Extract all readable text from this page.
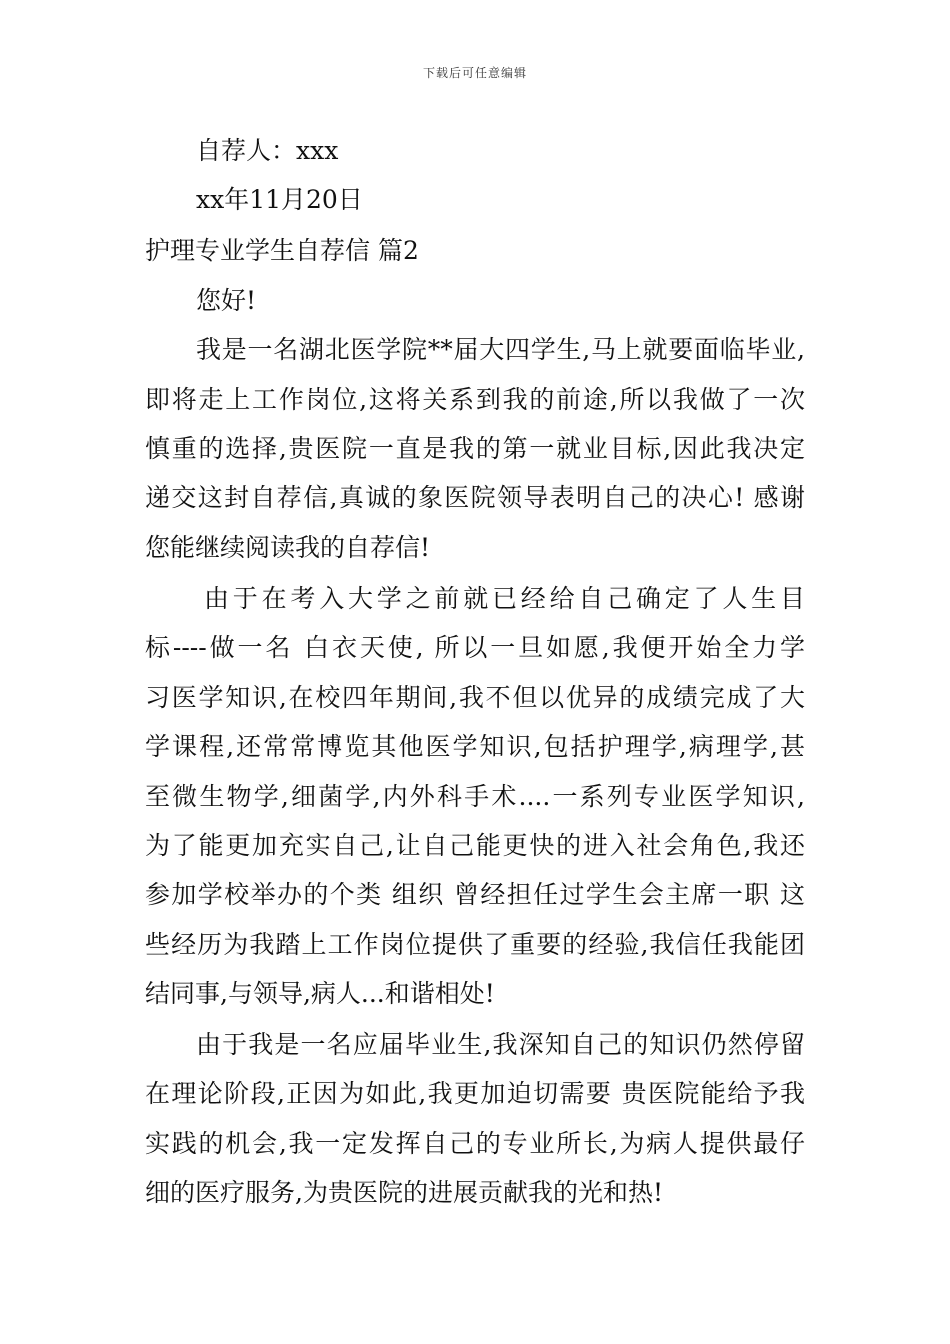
下载后可任意编辑
自荐人：xxx
xx年11月20日
护理专业学生自荐信 篇2
您好!
我是一名湖北医学院**届大四学生,马上就要面临毕业,
即将走上工作岗位,这将关系到我的前途,所以我做了一次
慎重的选择,贵医院一直是我的第一就业目标,因此我决定
递交这封自荐信,真诚的象医院领导表明自己的决心! 感谢
您能继续阅读我的自荐信!
由于在考入大学之前就已经给自己确定了人生目
标----做一名 白衣天使, 所以一旦如愿,我便开始全力学
习医学知识,在校四年期间,我不但以优异的成绩完成了大
学课程,还常常博览其他医学知识,包括护理学,病理学,甚
至微生物学,细菌学,内外科手术....一系列专业医学知识,
为了能更加充实自己,让自己能更快的进入社会角色,我还
参加学校举办的个类 组织 曾经担任过学生会主席一职 这
些经历为我踏上工作岗位提供了重要的经验,我信任我能团
结同事,与领导,病人...和谐相处!
由于我是一名应届毕业生,我深知自己的知识仍然停留
在理论阶段,正因为如此,我更加迫切需要 贵医院能给予我
实践的机会,我一定发挥自己的专业所长,为病人提供最仔
细的医疗服务,为贵医院的进展贡献我的光和热!
